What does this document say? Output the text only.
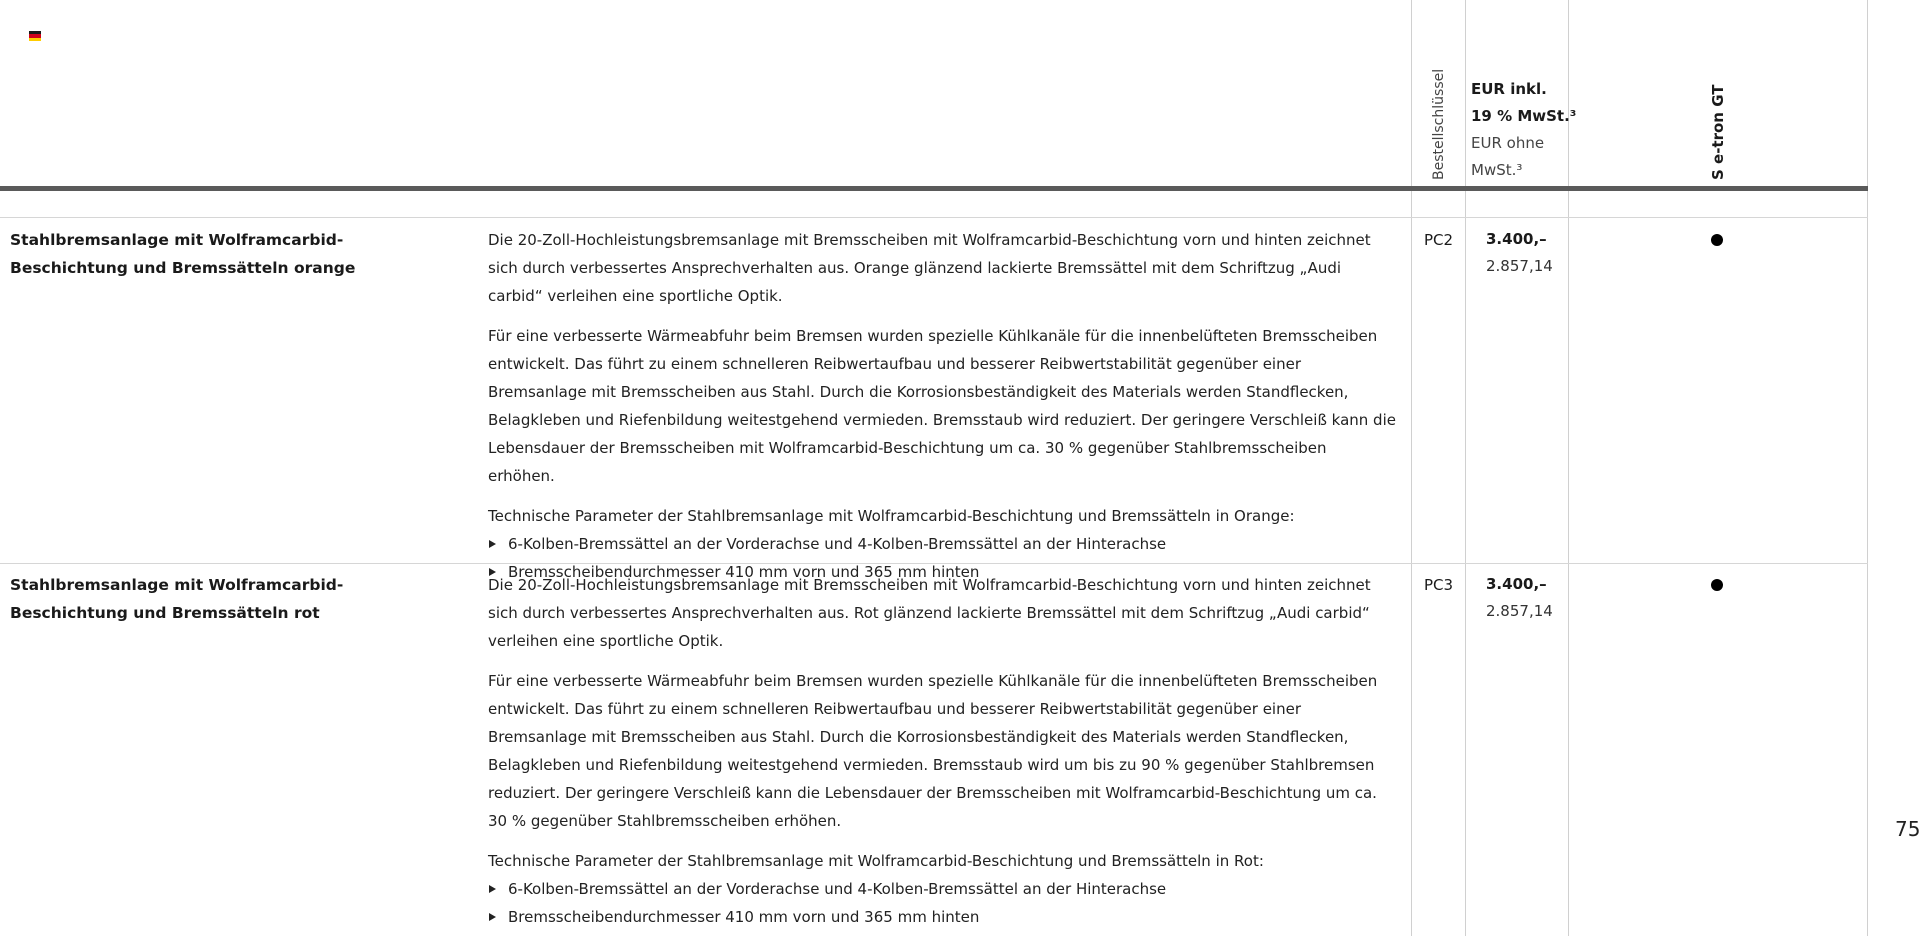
Bestellschlüssel EUR inkl.
19 % MwSt.³
EUR ohne
MwSt.³	S e-tron GT
Stahlbremsanlage mit Wolframcarbid-Beschichtung und Bremssätteln orange

Die 20-Zoll-Hochleistungsbremsanlage mit Bremsscheiben mit Wolframcarbid-Beschichtung vorn und hinten zeichnet sich durch verbessertes Ansprechverhalten aus. Orange glänzend lackierte Bremssättel mit dem Schriftzug „Audi carbid“ verleihen eine sportliche Optik.

Für eine verbesserte Wärmeabfuhr beim Bremsen wurden spezielle Kühlkanäle für die innenbelüfteten Bremsscheiben entwickelt. Das führt zu einem schnelleren Reibwertaufbau und besserer Reibwertstabilität gegenüber einer Bremsanlage mit Bremsscheiben aus Stahl. Durch die Korrosionsbeständigkeit des Materials werden Standflecken, Belagkleben und Riefenbildung weitestgehend vermieden. Bremsstaub wird reduziert. Der geringere Verschleiß kann die Lebensdauer der Bremsscheiben mit Wolframcarbid-Beschichtung um ca. 30 % gegenüber Stahlbremsscheiben erhöhen.

Technische Parameter der Stahlbremsanlage mit Wolframcarbid-Beschichtung und Bremssätteln in Orange:

6-Kolben-Bremssättel an der Vorderachse und 4-Kolben-Bremssättel an der Hinterachse
Bremsscheibendurchmesser 410 mm vorn und 365 mm hinten
PC2 3.400,–
2.857,14
Stahlbremsanlage mit Wolframcarbid-Beschichtung und Bremssätteln rot

Die 20-Zoll-Hochleistungsbremsanlage mit Bremsscheiben mit Wolframcarbid-Beschichtung vorn und hinten zeichnet sich durch verbessertes Ansprechverhalten aus. Rot glänzend lackierte Bremssättel mit dem Schriftzug „Audi carbid“ verleihen eine sportliche Optik.

Für eine verbesserte Wärmeabfuhr beim Bremsen wurden spezielle Kühlkanäle für die innenbelüfteten Bremsscheiben entwickelt. Das führt zu einem schnelleren Reibwertaufbau und besserer Reibwertstabilität gegenüber einer Bremsanlage mit Bremsscheiben aus Stahl. Durch die Korrosionsbeständigkeit des Materials werden Standflecken, Belagkleben und Riefenbildung weitestgehend vermieden. Bremsstaub wird um bis zu 90 % gegenüber Stahlbremsen reduziert. Der geringere Verschleiß kann die Lebensdauer der Bremsscheiben mit Wolframcarbid-Beschichtung um ca. 30 % gegenüber Stahlbremsscheiben erhöhen.

Technische Parameter der Stahlbremsanlage mit Wolframcarbid-Beschichtung und Bremssätteln in Rot:

6-Kolben-Bremssättel an der Vorderachse und 4-Kolben-Bremssättel an der Hinterachse
Bremsscheibendurchmesser 410 mm vorn und 365 mm hinten
PC3 3.400,–
2.857,14
75
